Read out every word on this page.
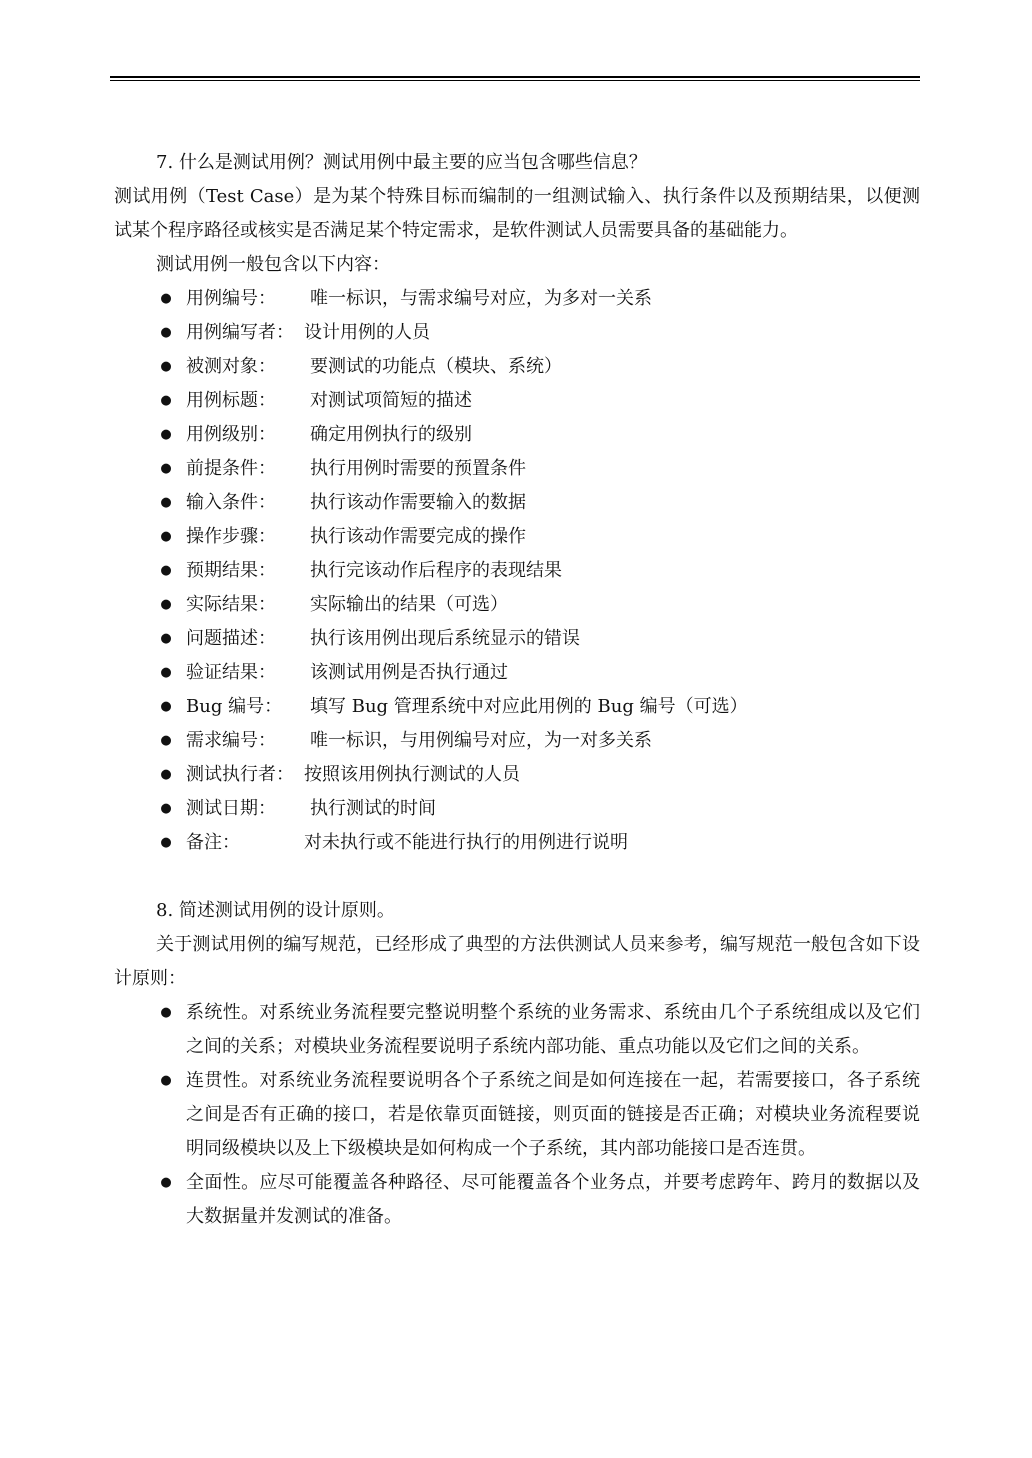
7. 什么是测试用例？测试用例中最主要的应当包含哪些信息？

测试用例（Test Case）是为某个特殊目标而编制的一组测试输入、执行条件以及预期结果，以便测试某个程序路径或核实是否满足某个特定需求，是软件测试人员需要具备的基础能力。

测试用例一般包含以下内容：

● 用例编号： 唯一标识，与需求编号对应，为多对一关系
● 用例编写者： 设计用例的人员
● 被测对象： 要测试的功能点（模块、系统）
● 用例标题： 对测试项简短的描述
● 用例级别： 确定用例执行的级别
● 前提条件： 执行用例时需要的预置条件
● 输入条件： 执行该动作需要输入的数据
● 操作步骤： 执行该动作需要完成的操作
● 预期结果： 执行完该动作后程序的表现结果
● 实际结果： 实际输出的结果（可选）
● 问题描述： 执行该用例出现后系统显示的错误
● 验证结果： 该测试用例是否执行通过
● Bug 编号： 填写 Bug 管理系统中对应此用例的 Bug 编号（可选）
● 需求编号： 唯一标识，与用例编号对应，为一对多关系
● 测试执行者： 按照该用例执行测试的人员
● 测试日期： 执行测试的时间
● 备注：	对未执行或不能进行执行的用例进行说明

8. 简述测试用例的设计原则。

关于测试用例的编写规范，已经形成了典型的方法供测试人员来参考，编写规范一般包含如下设计原则：

● 系统性。对系统业务流程要完整说明整个系统的业务需求、系统由几个子系统组成以及它们之间的关系；对模块业务流程要说明子系统内部功能、重点功能以及它们之间的关系。
● 连贯性。对系统业务流程要说明各个子系统之间是如何连接在一起，若需要接口，各子系统之间是否有正确的接口，若是依靠页面链接，则页面的链接是否正确；对模块业务流程要说明同级模块以及上下级模块是如何构成一个子系统，其内部功能接口是否连贯。
● 全面性。应尽可能覆盖各种路径、尽可能覆盖各个业务点，并要考虑跨年、跨月的数据以及大数据量并发测试的准备。
